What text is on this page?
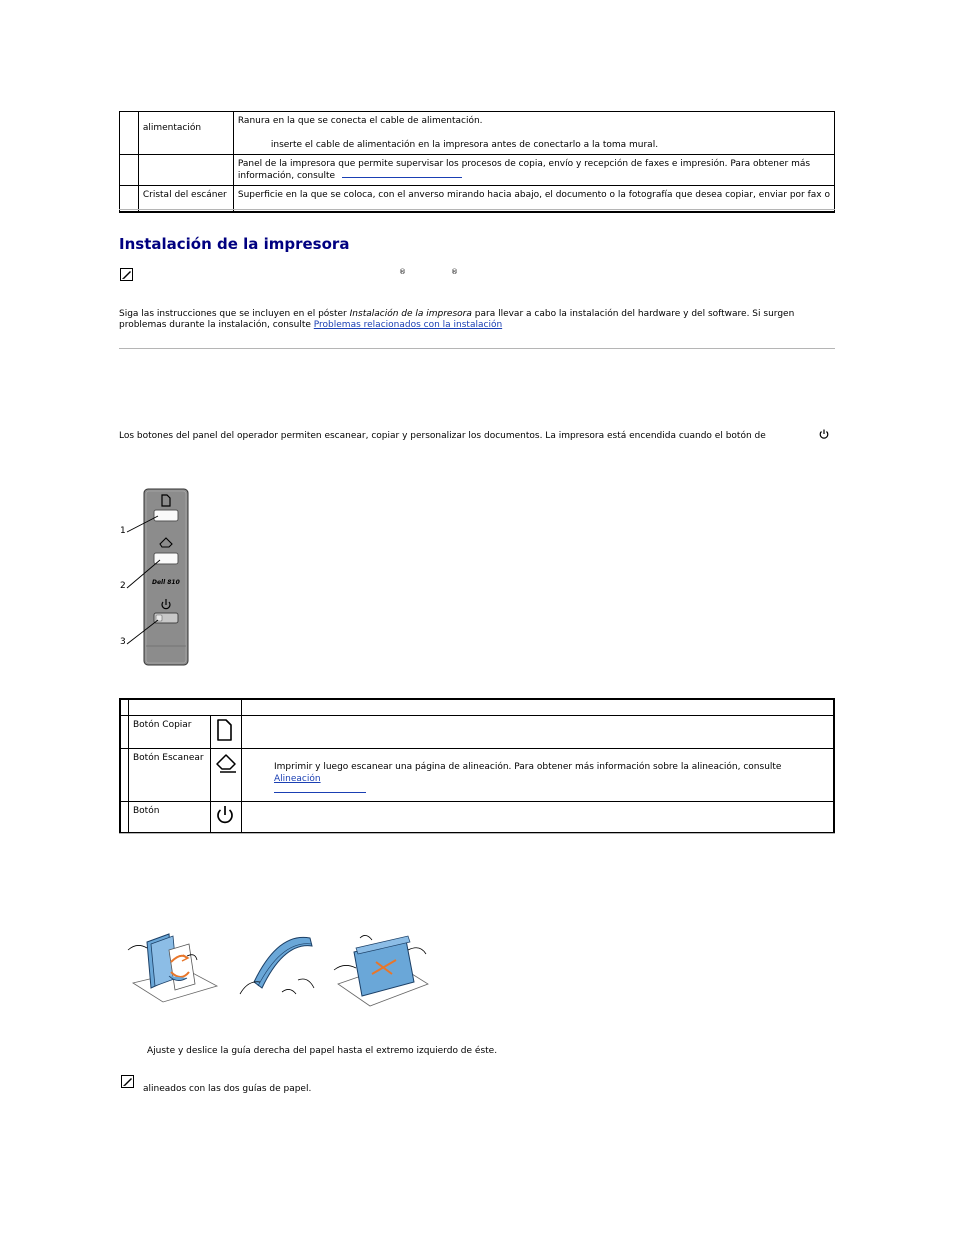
	alimentación	Ranura en la que se conecta el cable de alimentación.
inserte el cable de alimentación en la impresora antes de conectarlo a la toma mural.

		Panel de la impresora que permite supervisar los procesos de copia, envío y recepción de faxes e impresión. Para obtener más
información, consulte

	Cristal del escáner	Superficie en la que se coloca, con el anverso mirando hacia abajo, el documento o la fotografía que desea copiar, enviar por fax o
Instalación de la impresora
®	®
Siga las instrucciones que se incluyen en el póster Instalación de la impresora para llevar a cabo la instalación del hardware y del software. Si surgen
problemas durante la instalación, consulte Problemas relacionados con la instalación
Los botones del panel del operador permiten escanear, copiar y personalizar los documentos. La impresora está encendida cuando el botón de
Dell 810
1
2
3

	Botón Copiar		
	Botón Escanear		Imprimir y luego escanear una página de alineación. Para obtener más información sobre la alineación, consulte Alineación

	Botón		
Ajuste y deslice la guía derecha del papel hasta el extremo izquierdo de éste.
alineados con las dos guías de papel.
